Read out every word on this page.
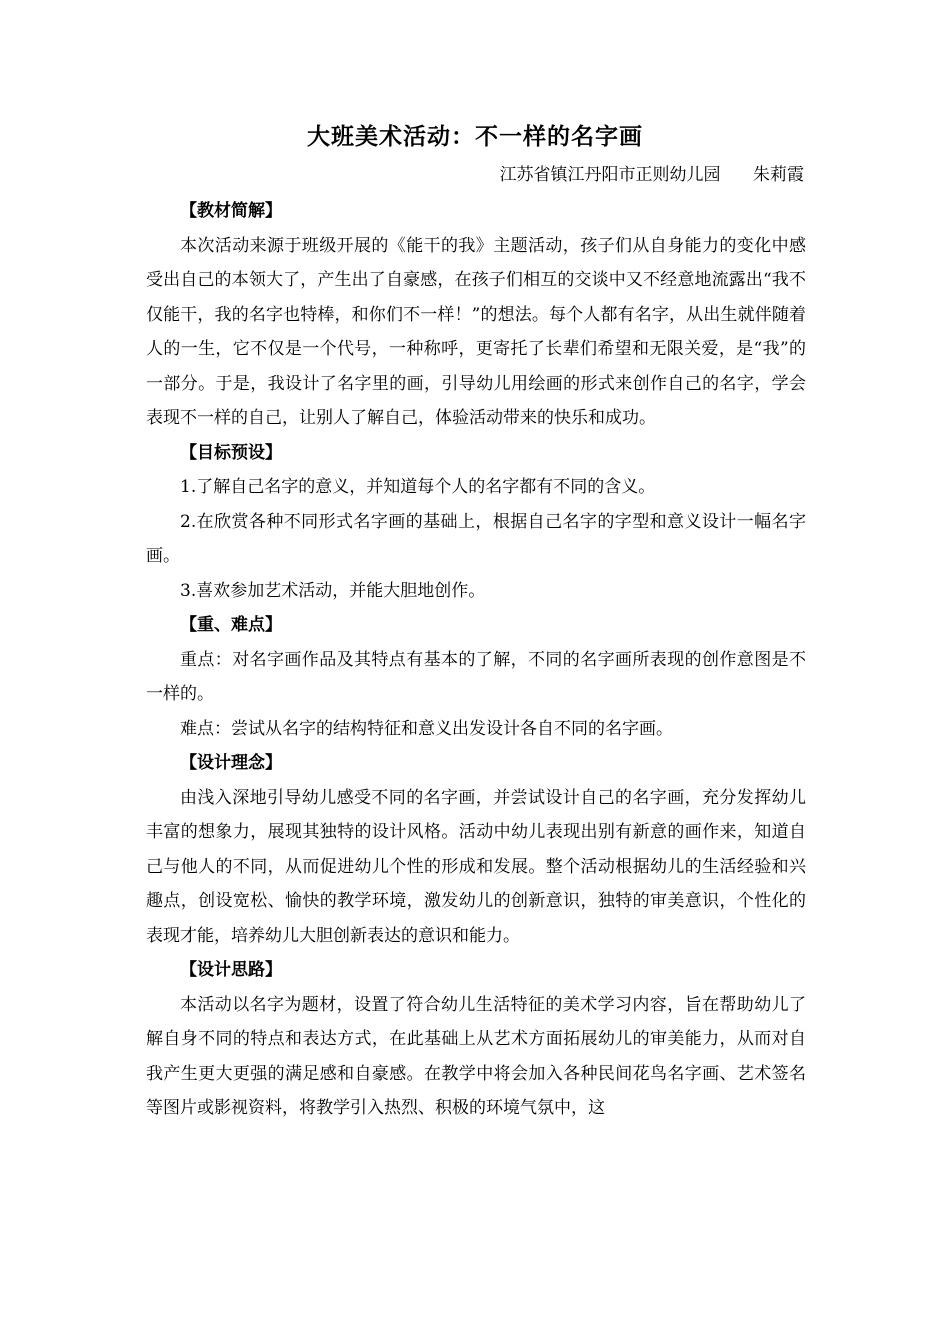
大班美术活动：不一样的名字画
江苏省镇江丹阳市正则幼儿园      朱莉霞
【教材简解】

本次活动来源于班级开展的《能干的我》主题活动，孩子们从自身能力的变化中感受出自己的本领大了，产生出了自豪感，在孩子们相互的交谈中又不经意地流露出“我不仅能干，我的名字也特棒，和你们不一样！”的想法。每个人都有名字，从出生就伴随着人的一生，它不仅是一个代号，一种称呼，更寄托了长辈们希望和无限关爱，是“我”的一部分。于是，我设计了名字里的画，引导幼儿用绘画的形式来创作自己的名字，学会表现不一样的自己，让别人了解自己，体验活动带来的快乐和成功。

【目标预设】

1.了解自己名字的意义，并知道每个人的名字都有不同的含义。

2.在欣赏各种不同形式名字画的基础上，根据自己名字的字型和意义设计一幅名字画。

3.喜欢参加艺术活动，并能大胆地创作。

【重、难点】

重点：对名字画作品及其特点有基本的了解，不同的名字画所表现的创作意图是不一样的。

难点：尝试从名字的结构特征和意义出发设计各自不同的名字画。

【设计理念】

由浅入深地引导幼儿感受不同的名字画，并尝试设计自己的名字画，充分发挥幼儿丰富的想象力，展现其独特的设计风格。活动中幼儿表现出别有新意的画作来，知道自己与他人的不同，从而促进幼儿个性的形成和发展。整个活动根据幼儿的生活经验和兴趣点，创设宽松、愉快的教学环境，激发幼儿的创新意识，独特的审美意识，个性化的表现才能，培养幼儿大胆创新表达的意识和能力。

【设计思路】

本活动以名字为题材，设置了符合幼儿生活特征的美术学习内容，旨在帮助幼儿了解自身不同的特点和表达方式，在此基础上从艺术方面拓展幼儿的审美能力，从而对自我产生更大更强的满足感和自豪感。在教学中将会加入各种民间花鸟名字画、艺术签名等图片或影视资料，将教学引入热烈、积极的环境气氛中，这
